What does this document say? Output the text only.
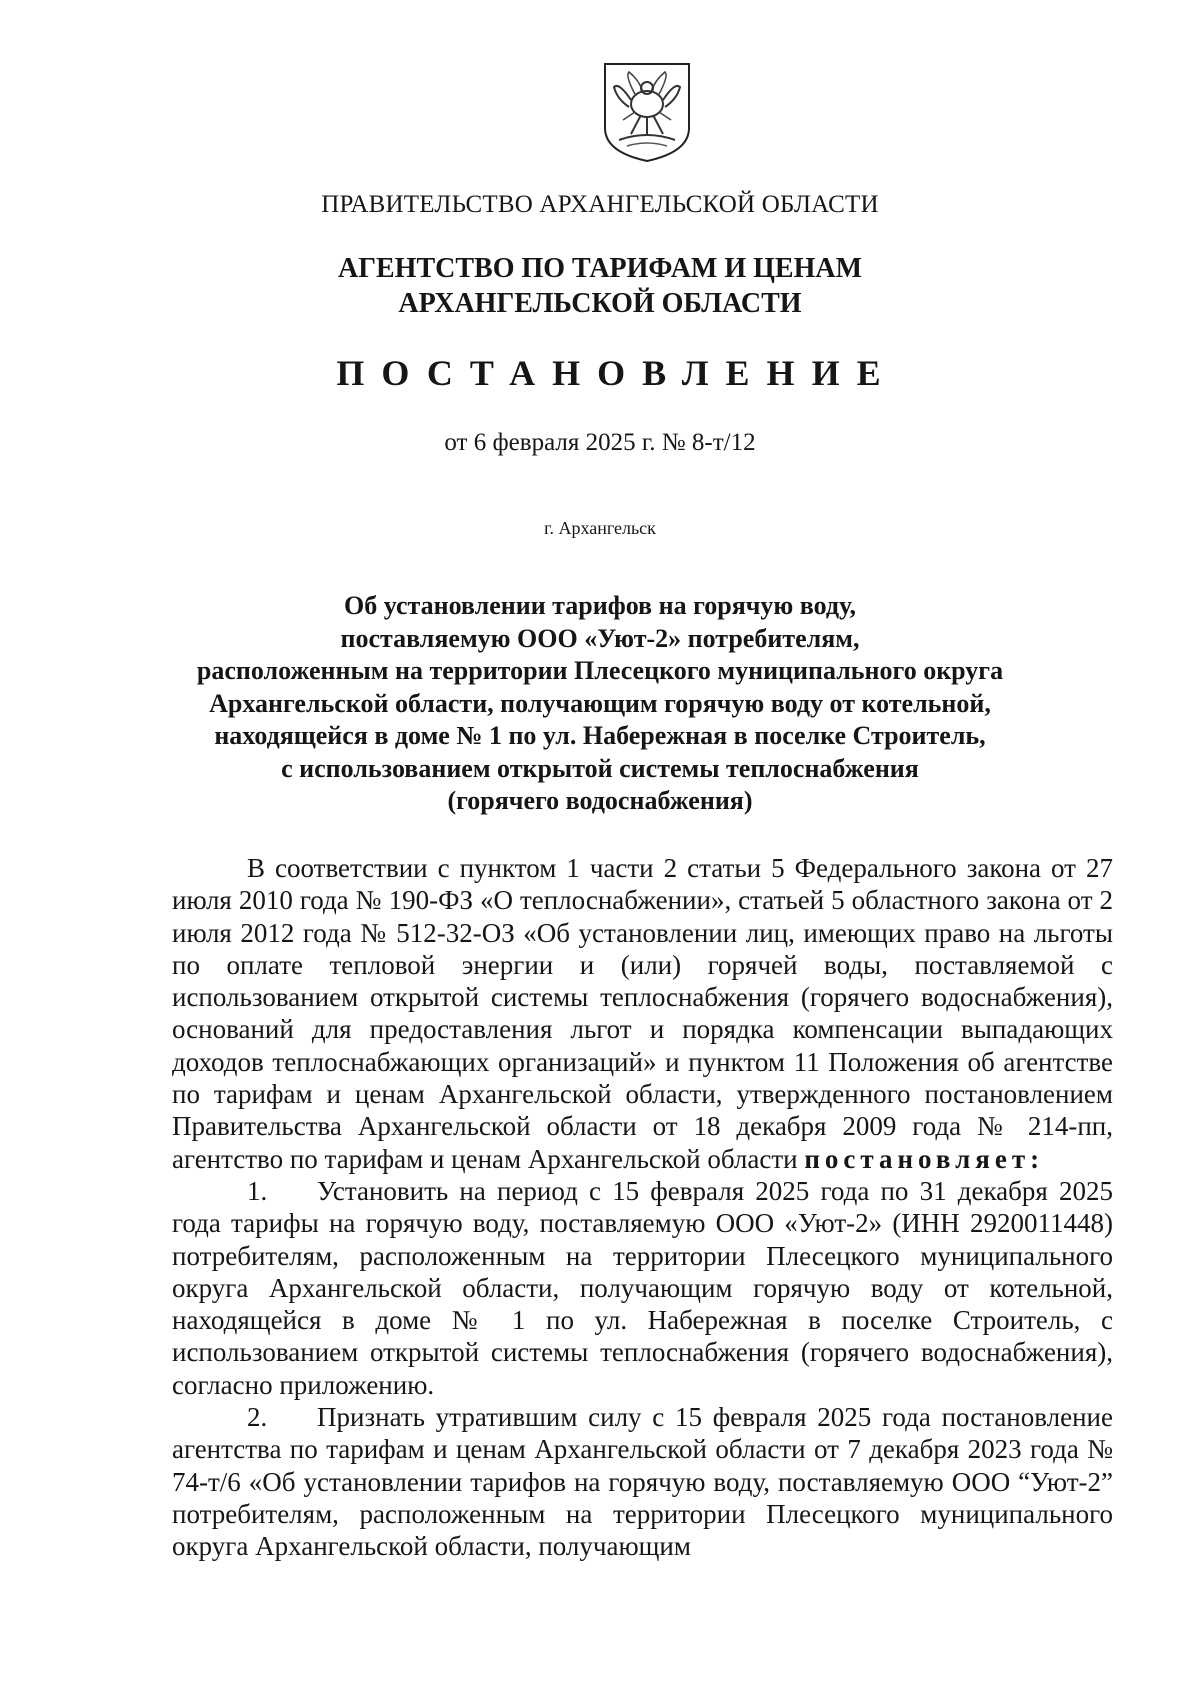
ПРАВИТЕЛЬСТВО АРХАНГЕЛЬСКОЙ ОБЛАСТИ
АГЕНТСТВО ПО ТАРИФАМ И ЦЕНАМ
АРХАНГЕЛЬСКОЙ ОБЛАСТИ
ПОСТАНОВЛЕНИЕ
от 6 февраля 2025 г. № 8-т/12
г. Архангельск
Об установлении тарифов на горячую воду,
поставляемую ООО «Уют-2» потребителям,
расположенным на территории Плесецкого муниципального округа
Архангельской области, получающим горячую воду от котельной,
находящейся в доме № 1 по ул. Набережная в поселке Строитель,
с использованием открытой системы теплоснабжения
(горячего водоснабжения)

В соответствии с пунктом 1 части 2 статьи 5 Федерального закона от 27 июля 2010 года № 190-ФЗ «О теплоснабжении», статьей 5 областного закона от 2 июля 2012 года № 512-32-ОЗ «Об установлении лиц, имеющих право на льготы по оплате тепловой энергии и (или) горячей воды, поставляемой с использованием открытой системы теплоснабжения (горячего водоснабжения), оснований для предоставления льгот и порядка компенсации выпадающих доходов теплоснабжающих организаций» и пунктом 11 Положения об агентстве по тарифам и ценам Архангельской области, утвержденного постановлением Правительства Архангельской области от 18 декабря 2009 года № 214-пп, агентство по тарифам и ценам Архангельской области постановляет:

1. Установить на период с 15 февраля 2025 года по 31 декабря 2025 года тарифы на горячую воду, поставляемую ООО «Уют-2» (ИНН 2920011448) потребителям, расположенным на территории Плесецкого муниципального округа Архангельской области, получающим горячую воду от котельной, находящейся в доме № 1 по ул. Набережная в поселке Строитель, с использованием открытой системы теплоснабжения (горячего водоснабжения), согласно приложению.

2. Признать утратившим силу с 15 февраля 2025 года постановление агентства по тарифам и ценам Архангельской области от 7 декабря 2023 года № 74-т/6 «Об установлении тарифов на горячую воду, поставляемую ООО “Уют-2” потребителям, расположенным на территории Плесецкого муниципального округа Архангельской области, получающим
